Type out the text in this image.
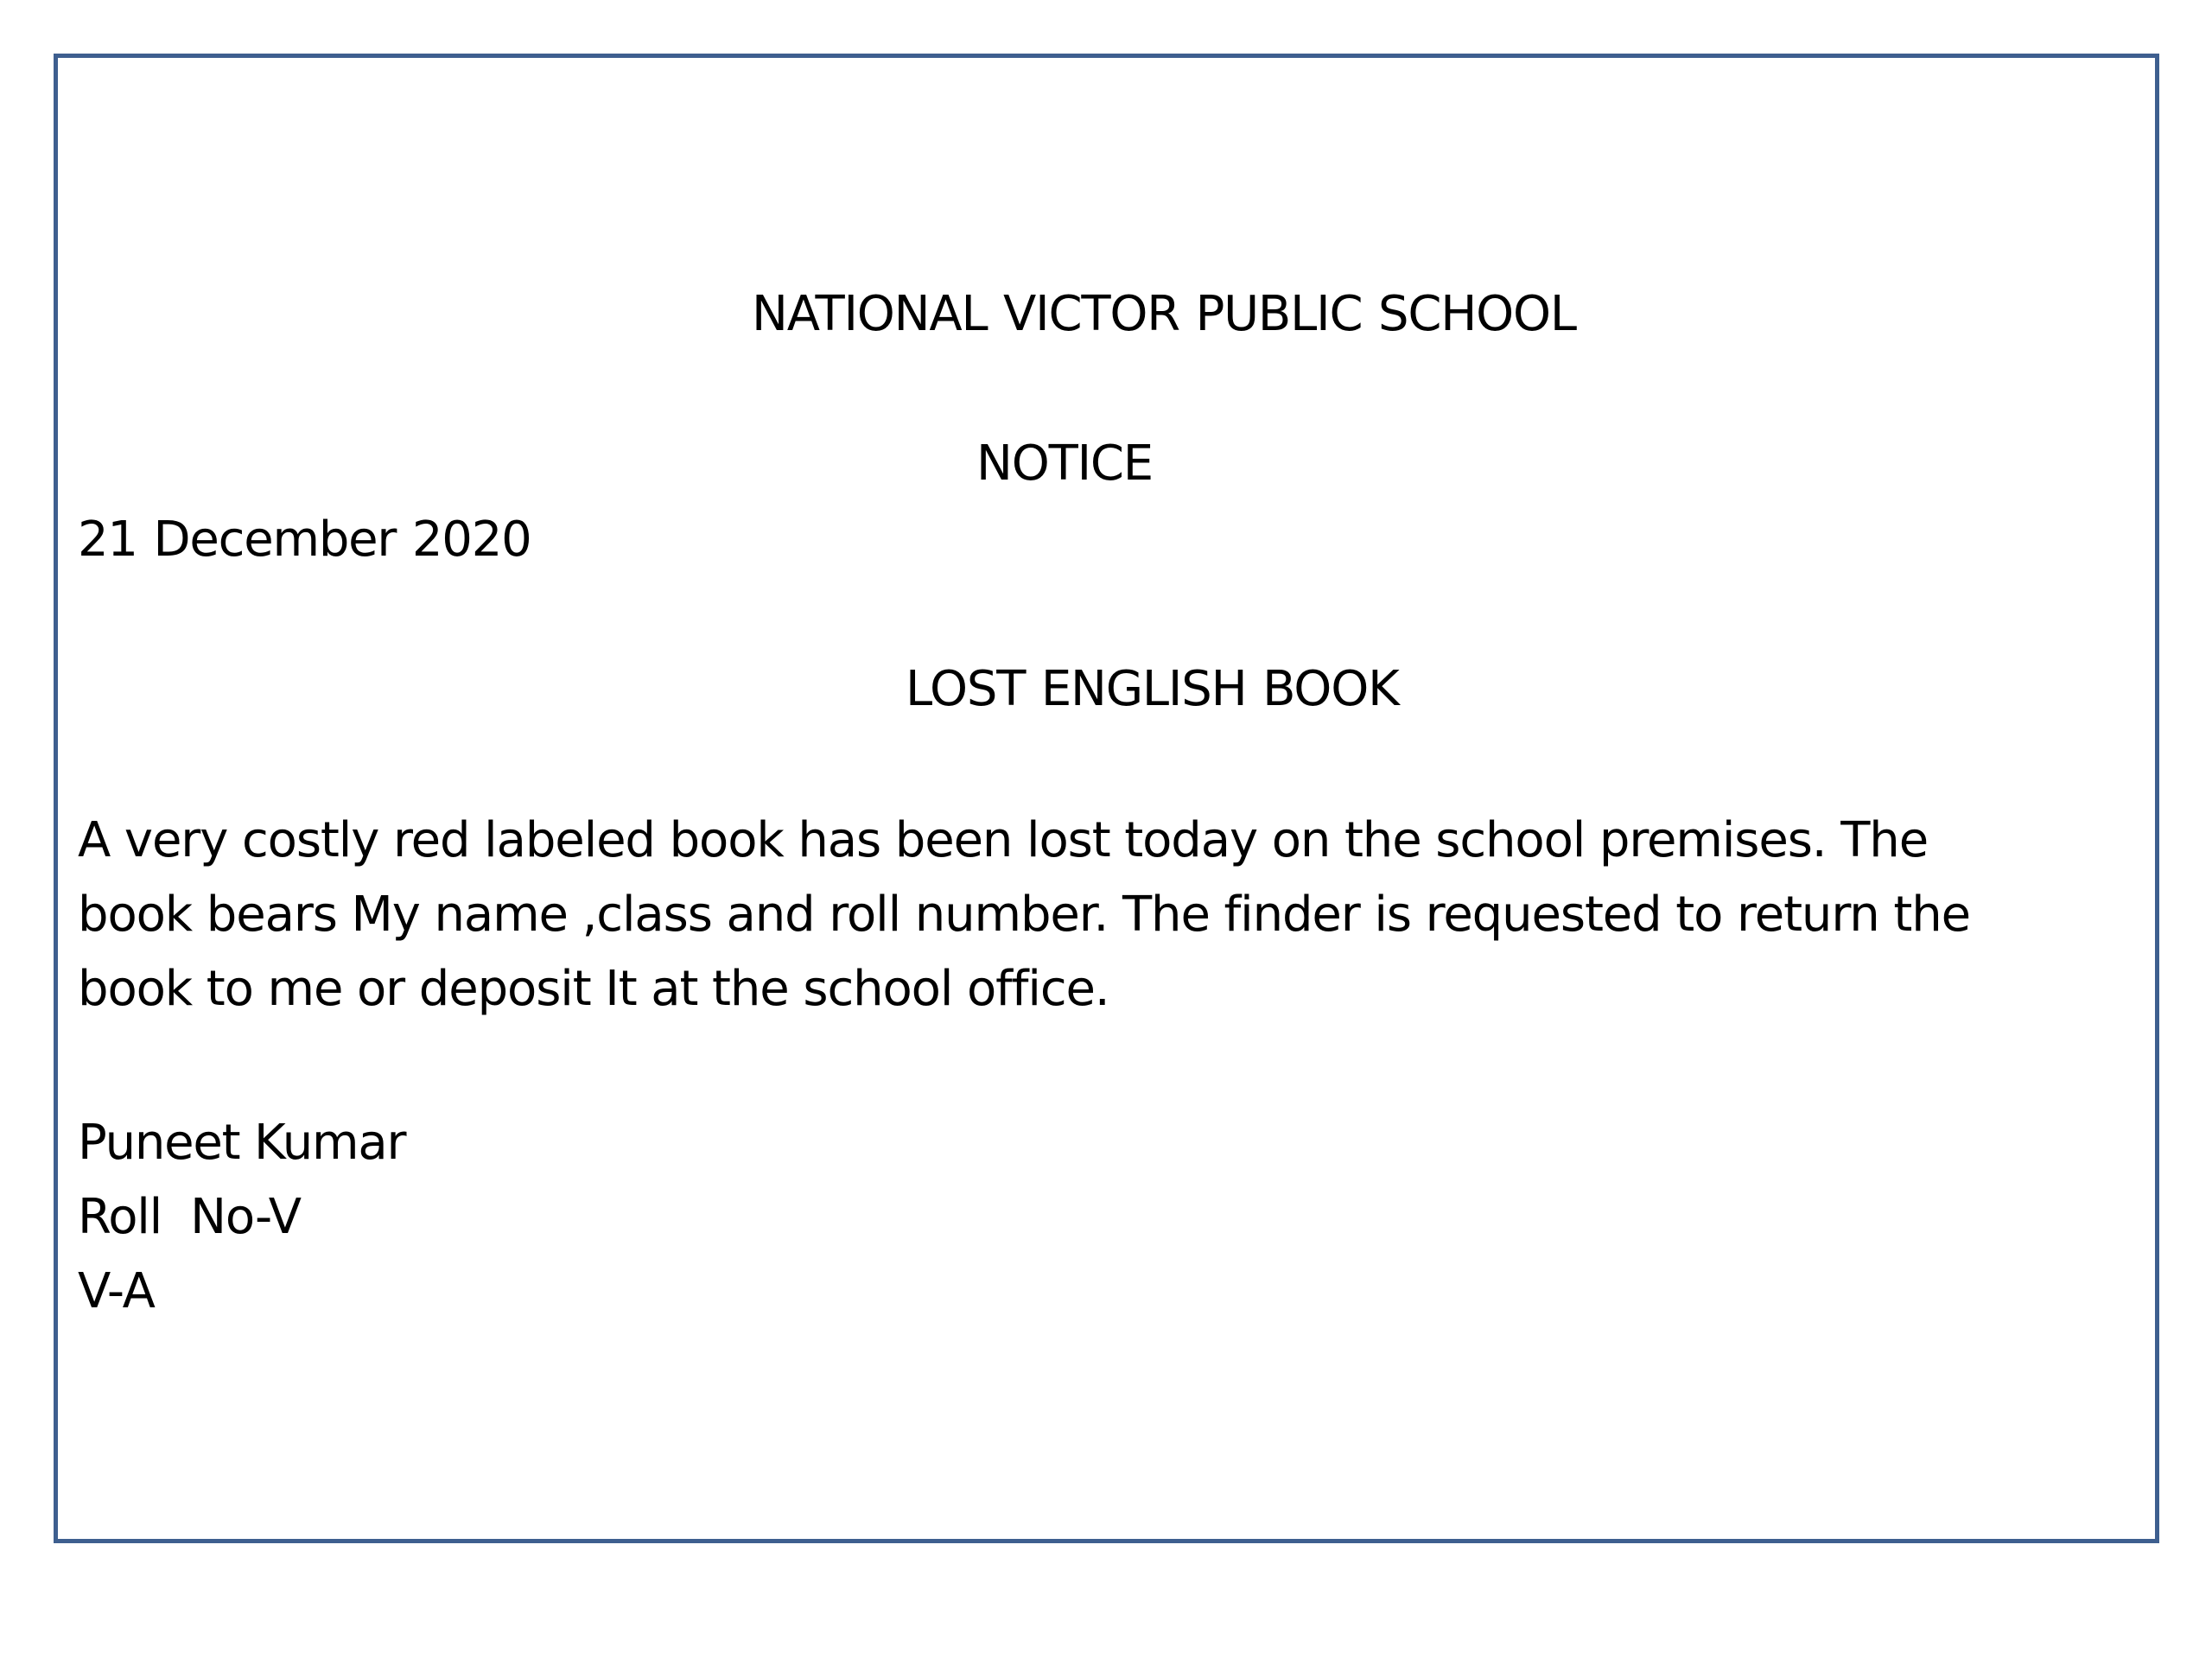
NATIONAL VICTOR PUBLIC SCHOOL
NOTICE
21 December 2020
LOST ENGLISH BOOK
A very costly red labeled book has been lost today on the school premises. The
book bears My name ,class and roll number. The finder is requested to return the
book to me or deposit It at the school office.
Puneet Kumar
Roll  No-V
V-A
